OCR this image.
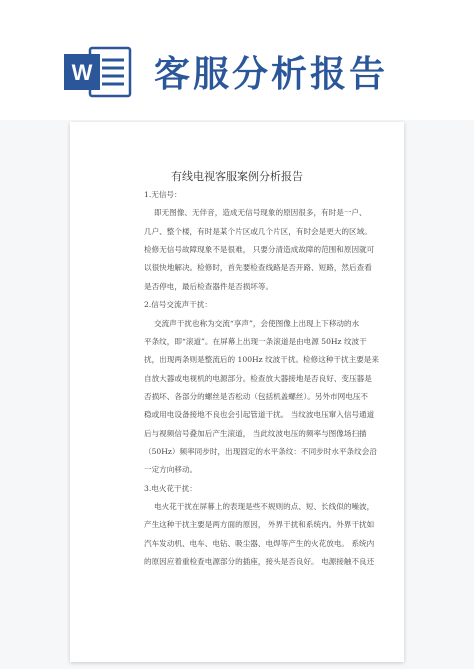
W 客服分析报告
有线电视客服案例分析报告
1.无信号：
即无图像、无伴音，造成无信号现象的原因很多，有时是一户、
几户、整个楼，有时是某个片区或几个片区，有时会是更大的区域。
检修无信号故障现象不是很难， 只要分清造成故障的范围和原因就可
以很快地解决。检修时，首先要检查线路是否开路、短路，然后查看
是否停电，最后检查器件是否损坏等。
2.信号交流声干扰：
交流声干扰也称为交流“享声”，会使图像上出现上下移动的水
平条纹，即“滚道”。在屏幕上出现一条滚道是由电源 50Hz 纹波干
扰，出现两条则是整流后的 100Hz 纹波干扰。检修这种干扰主要是来
自放大器或电视机的电源部分。检查放大器接地是否良好、变压器是
否损坏、各部分的螺丝是否松动（包括机盖螺丝）。另外市网电压不
稳或用电设备接地不良也会引起管道干扰。 当纹波电压窜入信号通道
后与视频信号叠加后产生滚道， 当此纹波电压的频率与图像场扫描
（50Hz）频率同步时，出现固定的水平条纹：不同步时水平条纹会沿
一定方向移动。
3.电火花干扰：
电火花干扰在屏幕上的表现是些不规则的点、短、长线似的噪波，
产生这种干扰主要是两方面的原因， 外界干扰和系统内。外界干扰如
汽车发动机、电车、电钻、吸尘器、电焊等产生的火花放电。 系统内
的原因应着重检查电源部分的插座，接头是否良好。 电源接触不良还
